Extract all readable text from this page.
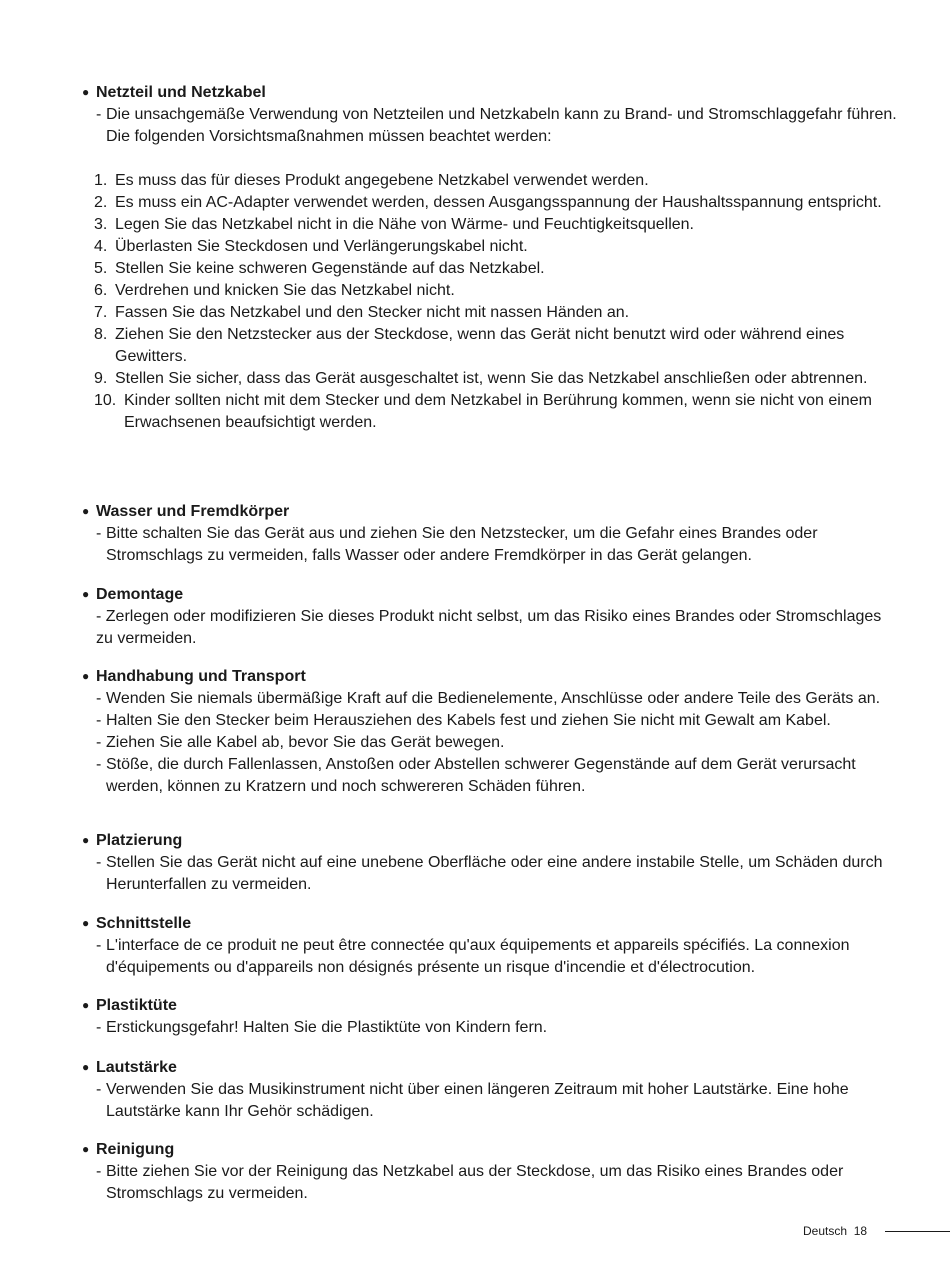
● Netzteil und Netzkabel
- Die unsachgemäße Verwendung von Netzteilen und Netzkabeln kann zu Brand- und Stromschlaggefahr führen. Die folgenden Vorsichtsmaßnahmen müssen beachtet werden:
1. Es muss das für dieses Produkt angegebene Netzkabel verwendet werden.
2. Es muss ein AC-Adapter verwendet werden, dessen Ausgangsspannung der Haushaltsspannung entspricht.
3. Legen Sie das Netzkabel nicht in die Nähe von Wärme- und Feuchtigkeitsquellen.
4. Überlasten Sie Steckdosen und Verlängerungskabel nicht.
5. Stellen Sie keine schweren Gegenstände auf das Netzkabel.
6. Verdrehen und knicken Sie das Netzkabel nicht.
7. Fassen Sie das Netzkabel und den Stecker nicht mit nassen Händen an.
8. Ziehen Sie den Netzstecker aus der Steckdose, wenn das Gerät nicht benutzt wird oder während eines Gewitters.
9. Stellen Sie sicher, dass das Gerät ausgeschaltet ist, wenn Sie das Netzkabel anschließen oder abtrennen.
10. Kinder sollten nicht mit dem Stecker und dem Netzkabel in Berührung kommen, wenn sie nicht von einem Erwachsenen beaufsichtigt werden.
● Wasser und Fremdkörper
- Bitte schalten Sie das Gerät aus und ziehen Sie den Netzstecker, um die Gefahr eines Brandes oder Stromschlags zu vermeiden, falls Wasser oder andere Fremdkörper in das Gerät gelangen.
● Demontage
- Zerlegen oder modifizieren Sie dieses Produkt nicht selbst, um das Risiko eines Brandes oder Stromschlages zu vermeiden.
● Handhabung und Transport
- Wenden Sie niemals übermäßige Kraft auf die Bedienelemente, Anschlüsse oder andere Teile des Geräts an.
- Halten Sie den Stecker beim Herausziehen des Kabels fest und ziehen Sie nicht mit Gewalt am Kabel.
- Ziehen Sie alle Kabel ab, bevor Sie das Gerät bewegen.
- Stöße, die durch Fallenlassen, Anstoßen oder Abstellen schwerer Gegenstände auf dem Gerät verursacht werden, können zu Kratzern und noch schwereren Schäden führen.
● Platzierung
- Stellen Sie das Gerät nicht auf eine unebene Oberfläche oder eine andere instabile Stelle, um Schäden durch Herunterfallen zu vermeiden.
● Schnittstelle
- L'interface de ce produit ne peut être connectée qu'aux équipements et appareils spécifiés. La connexion d'équipements ou d'appareils non désignés présente un risque d'incendie et d'électrocution.
● Plastiktüte
- Erstickungsgefahr! Halten Sie die Plastiktüte von Kindern fern.
● Lautstärke
- Verwenden Sie das Musikinstrument nicht über einen längeren Zeitraum mit hoher Lautstärke. Eine hohe Lautstärke kann Ihr Gehör schädigen.
● Reinigung
- Bitte ziehen Sie vor der Reinigung das Netzkabel aus der Steckdose, um das Risiko eines Brandes oder Stromschlags zu vermeiden.
Deutsch 18
